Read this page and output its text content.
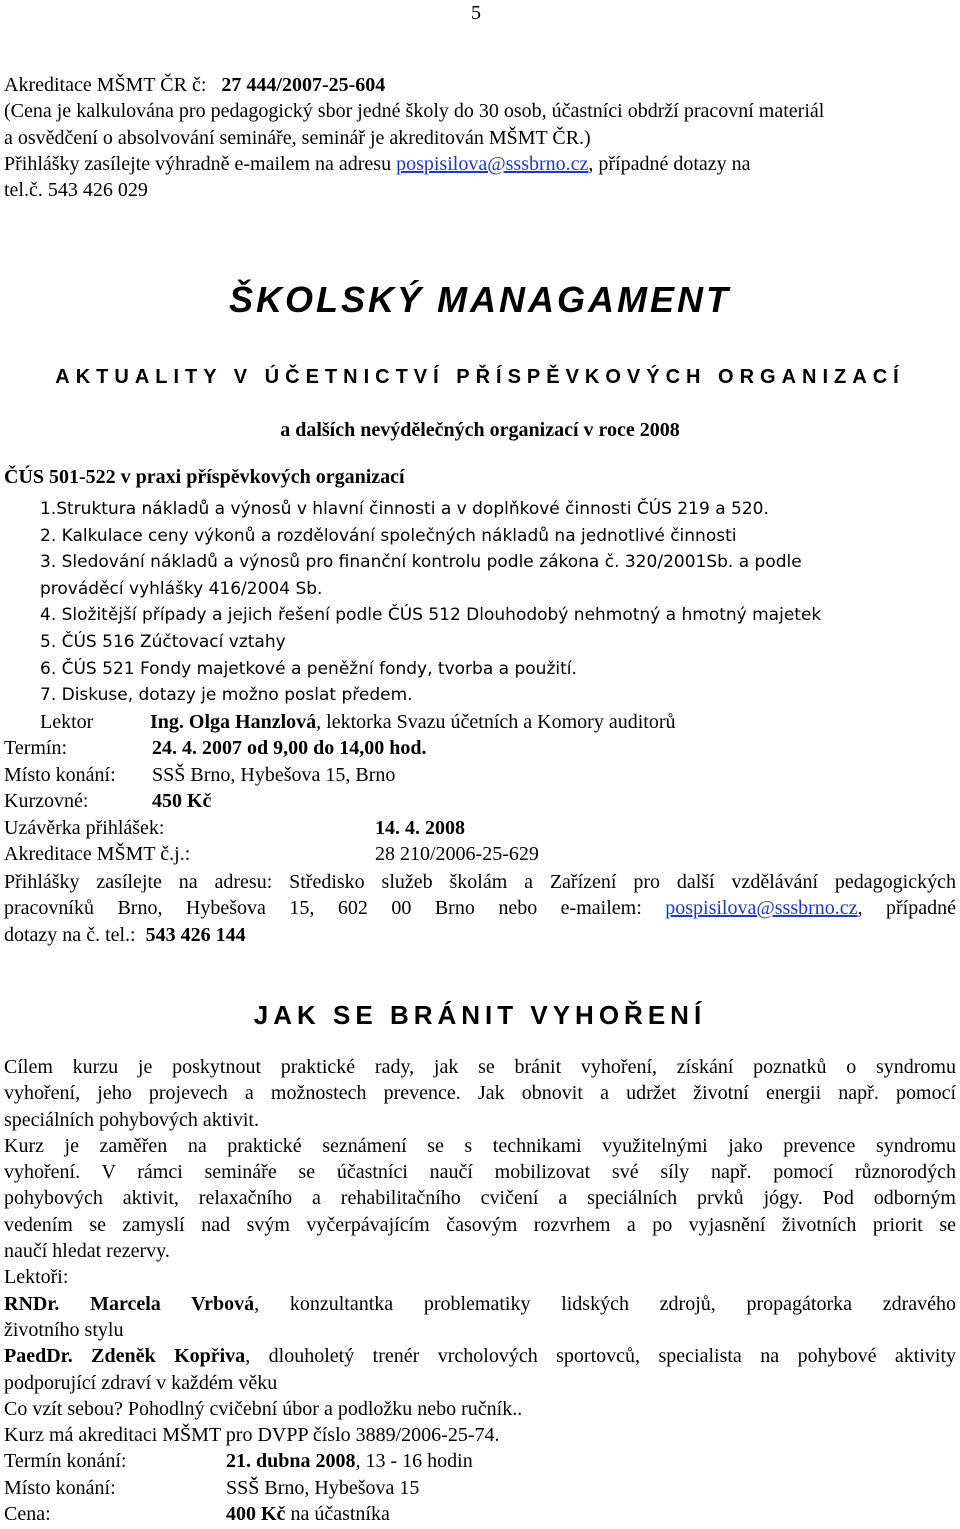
5
Akreditace MŠMT ČR č: 27 444/2007-25-604
(Cena je kalkulována pro pedagogický sbor jedné školy do 30 osob, účastníci obdrží pracovní materiál
a osvědčení o absolvování semináře, seminář je akreditován MŠMT ČR.)
Přihlášky zasílejte výhradně e-mailem na adresu pospisilova@sssbrno.cz, případné dotazy na
tel.č. 543 426 029
ŠKOLSKÝ MANAGAMENT
AKTUALITY V ÚČETNICTVÍ PŘÍSPĚVKOVÝCH ORGANIZACÍ
a dalších nevýdělečných organizací v roce 2008
ČÚS 501-522 v praxi příspěvkových organizací
1.Struktura nákladů a výnosů v hlavní činnosti a v doplňkové činnosti ČÚS 219 a 520.
2. Kalkulace ceny výkonů a rozdělování společných nákladů na jednotlivé činnosti
3. Sledování nákladů a výnosů pro finanční kontrolu podle zákona č. 320/2001Sb. a podle
prováděcí vyhlášky 416/2004 Sb.
4. Složitější případy a jejich řešení podle ČÚS 512 Dlouhodobý nehmotný a hmotný majetek
5. ČÚS 516 Zúčtovací vztahy
6. ČÚS 521 Fondy majetkové a peněžní fondy, tvorba a použití.
7. Diskuse, dotazy je možno poslat předem.
Lektor	Ing. Olga Hanzlová, lektorka Svazu účetních a Komory auditorů
Termín:	24. 4. 2007 od 9,00 do 14,00 hod.
Místo konání: SSŠ Brno, Hybešova 15, Brno
Kurzovné:	450 Kč
Uzávěrka přihlášek:	14. 4. 2008
Akreditace MŠMT č.j.:	28 210/2006-25-629
Přihlášky zasílejte na adresu: Středisko služeb školám a Zařízení pro další vzdělávání pedagogických
pracovníků Brno, Hybešova 15, 602 00 Brno nebo e-mailem: pospisilova@sssbrno.cz, případné
dotazy na č. tel.: 543 426 144
JAK SE BRÁNIT VYHOŘENÍ
Cílem kurzu je poskytnout praktické rady, jak se bránit vyhoření, získání poznatků o syndromu
vyhoření, jeho projevech a možnostech prevence. Jak obnovit a udržet životní energii např. pomocí
speciálních pohybových aktivit.
Kurz je zaměřen na praktické seznámení se s technikami využitelnými jako prevence syndromu
vyhoření. V rámci semináře se účastníci naučí mobilizovat své síly např. pomocí různorodých
pohybových aktivit, relaxačního a rehabilitačního cvičení a speciálních prvků jógy. Pod odborným
vedením se zamyslí nad svým vyčerpávajícím časovým rozvrhem a po vyjasnění životních priorit se
naučí hledat rezervy.
Lektoři:
RNDr. Marcela Vrbová, konzultantka problematiky lidských zdrojů, propagátorka zdravého
životního stylu
PaedDr. Zdeněk Kopřiva, dlouholetý trenér vrcholových sportovců, specialista na pohybové aktivity
podporující zdraví v každém věku
Co vzít sebou? Pohodlný cvičební úbor a podložku nebo ručník..
Kurz má akreditaci MŠMT pro DVPP číslo 3889/2006-25-74.
Termín konání:	21. dubna 2008, 13 - 16 hodin
Místo konání:	SSŠ Brno, Hybešova 15
Cena:	400 Kč na účastníka
